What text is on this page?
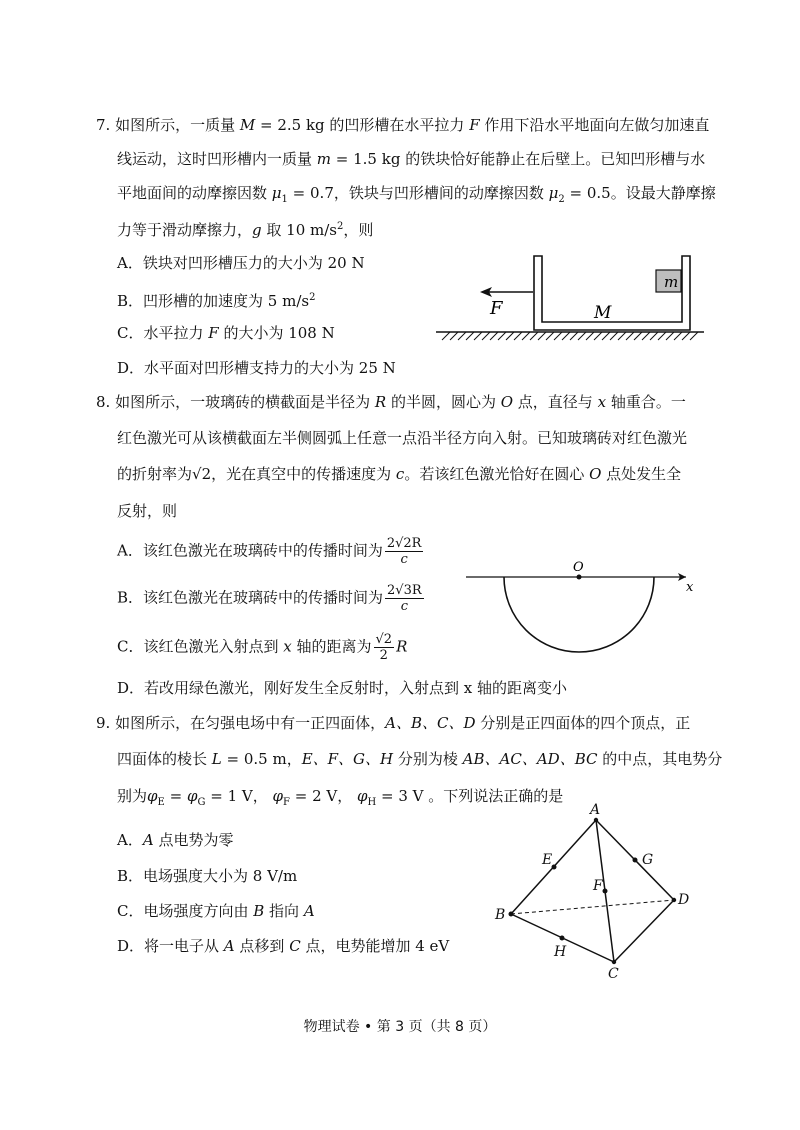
7. 如图所示，一质量 M = 2.5 kg 的凹形槽在水平拉力 F 作用下沿水平地面向左做匀加速直
线运动，这时凹形槽内一质量 m = 1.5 kg 的铁块恰好能静止在后壁上。已知凹形槽与水
平地面间的动摩擦因数 $\mu_1 = 0.7$，铁块与凹形槽间的动摩擦因数 $\mu_2 = 0.5$。设最大静摩擦
力等于滑动摩擦力，g 取 10 $m/s^2$，则
A．铁块对凹形槽压力的大小为 20 N
B．凹形槽的加速度为 5 $m/s^2$
C．水平拉力 F 的大小为 108 N
D．水平面对凹形槽支持力的大小为 25 N
m
F	M
8. 如图所示，一玻璃砖的横截面是半径为 R 的半圆，圆心为 O 点，直径与 x 轴重合。一
红色激光可从该横截面左半侧圆弧上任意一点沿半径方向入射。已知玻璃砖对红色激光
的折射率为√2，光在真空中的传播速度为 c。若该红色激光恰好在圆心 O 点处发生全
反射，则
A．该红色激光在玻璃砖中的传播时间为 $\frac{2√2R}{c}$
B．该红色激光在玻璃砖中的传播时间为 $\frac{2√3R}{c}$
C．该红色激光入射点到 x 轴的距离为 $\frac{√2}{2}$ R
D．若改用绿色激光，刚好发生全反射时，入射点到 x 轴的距离变小
O
x
9. 如图所示，在匀强电场中有一正四面体，A、B、C、D 分别是正四面体的四个顶点，正
四面体的棱长 L = 0.5 m，E、F、G、H 分别为棱 AB、AC、AD、BC 的中点，其电势分
别为$\varphi_E = \varphi_G = 1$ V， $\varphi_F = 2$ V， $\varphi_H = 3$ V 。下列说法正确的是
A．A 点电势为零
B．电场强度大小为 8 V/m
C．电场强度方向由 B 指向 A
D．将一电子从 A 点移到 C 点，电势能增加 4 eV
A
B
C
D
E
F
G
H
物理试卷 • 第 3 页（共 8 页）
